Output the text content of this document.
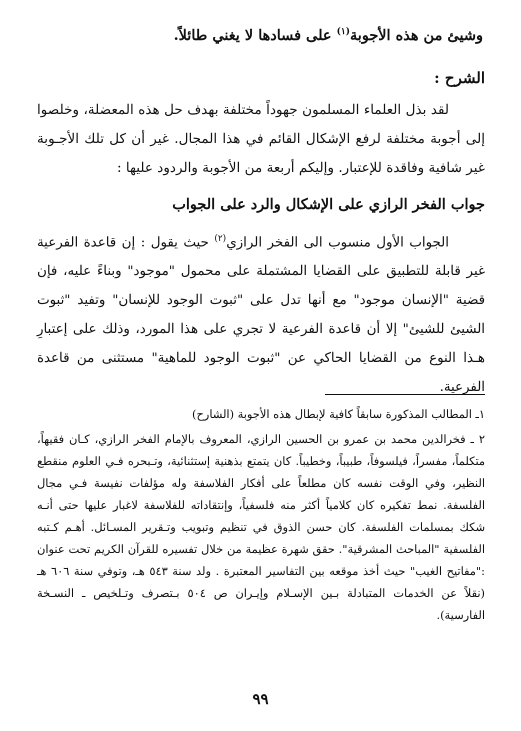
وشيئ من هذه الأجوبة$^{(١)}$ على فسادها لا يغني طائلاً.

الشرح :

لقد بذل العلماء المسلمون جهوداً مختلفة بهدف حل هذه المعضلة، وخلصوا إلى أجوبة مختلفة لرفع الإشكال القائم في هذا المجال. غير أن كل تلك الأجـوبة غير شافية وفاقدة للإعتبار. وإليكم أربعة من الأجوبة والردود عليها :

جواب الفخر الرازي على الإشكال والرد على الجواب

الجواب الأول منسوب الى الفخر الرازي$^{(٢)}$ حيث يقول : إن قاعدة الفرعية غير قابلة للتطبيق على القضايا المشتملة على محمول "موجود" وبناءً عليه، فإن قضية "الإنسان موجود" مع أنها تدل على "ثبوت الوجود للإنسان" وتفيد "ثبوت الشيئ للشيئ" إلا أن قاعدة الفرعية لا تجري على هذا المورد، وذلك على إعتبارِ هـذا النوع من القضايا الحاكي عن "ثبوت الوجود للماهية" مستثنى من قاعدة الفرعية.

١ـ المطالب المذكورة سابقاً كافية لإبطال هذه الأجوبة (الشارح)

٢ ـ فخرالدين محمد بن عمرو بن الحسين الرازي، المعروف بالإمام الفخر الرازي، كـان فقيهاً، متكلماً، مفسراً، فيلسوفاً، طبيباً، وخطيباً. كان يتمتع بذهنية إستثنائية، وتـبحره فـي العلوم منقطع النظير، وفي الوقت نفسه كان مطلعاً على أفكار الفلاسفة وله مؤلفات نفيسة فـي مجال الفلسفة. نمط تفكيره كان كلامياً أكثر منه فلسفياً، وإنتقاداته للفلاسفة لاغبار عليها حتى أنـه شكك بمسلمات الفلسفة. كان حسن الذوق في تنظيم وتبويب وتـقرير المسـائل. أهـم كـتبه الفلسفية "المباحث المشرقية". حقق شهرة عظيمة من خلال تفسيره للقرآن الكريم تحت عنوان :"مفاتيح الغيب" حيث أخذ موقعه بين التفاسير المعتبرة . ولد سنة ٥٤٣ هـ، وتوفي سنة ٦٠٦ هـ (نقلاً عن الخدمات المتبادلة بـين الإسـلام وإيـران ص ٥٠٤ بـتصرف وتـلخيص ـ النسـخة الفارسية).

٩٩
